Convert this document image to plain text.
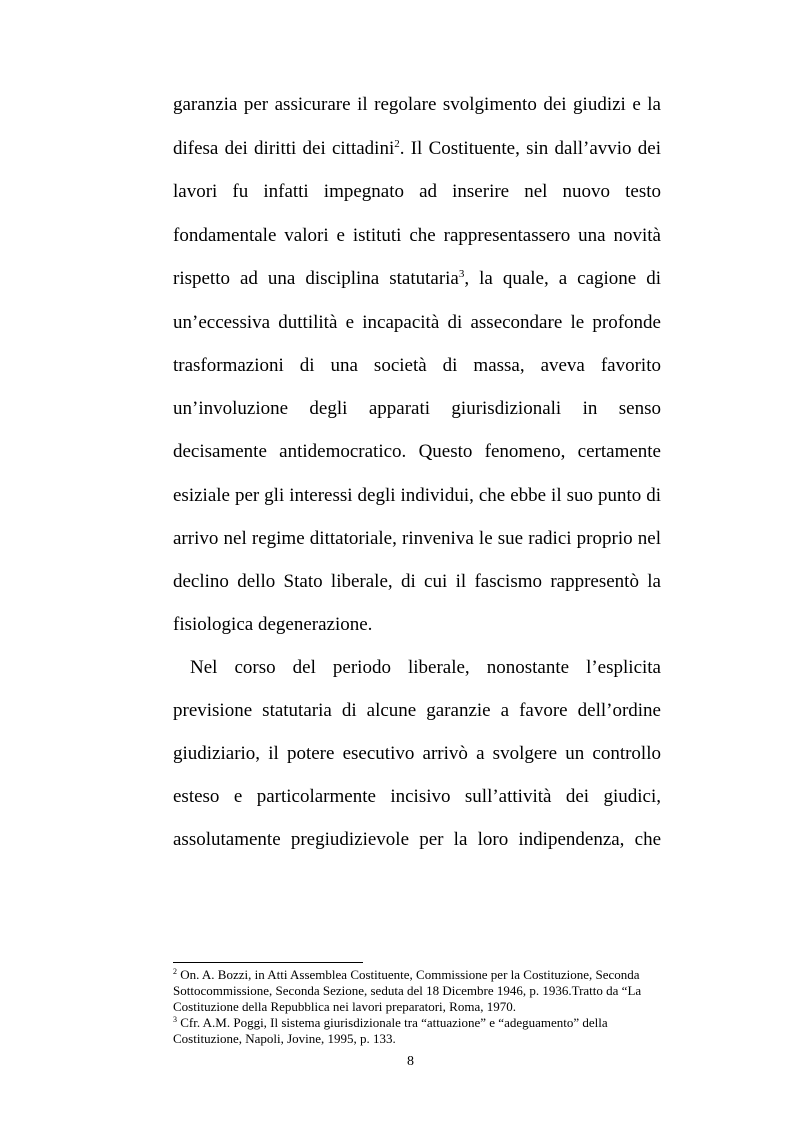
garanzia per assicurare il regolare svolgimento dei giudizi e la
difesa dei diritti dei cittadini$^2$. Il Costituente, sin dall’avvio dei
lavori fu infatti impegnato ad inserire nel nuovo testo
fondamentale valori e istituti che rappresentassero una novità
rispetto ad una disciplina statutaria$^3$, la quale, a cagione di
un’eccessiva duttilità e incapacità di assecondare le profonde
trasformazioni di una società di massa, aveva favorito
un’involuzione degli apparati giurisdizionali in senso
decisamente antidemocratico. Questo fenomeno, certamente
esiziale per gli interessi degli individui, che ebbe il suo punto di
arrivo nel regime dittatoriale, rinveniva le sue radici proprio nel
declino dello Stato liberale, di cui il fascismo rappresentò la
fisiologica degenerazione.
Nel corso del periodo liberale, nonostante l’esplicita
previsione statutaria di alcune garanzie a favore dell’ordine
giudiziario, il potere esecutivo arrivò a svolgere un controllo
esteso e particolarmente incisivo sull’attività dei giudici,
assolutamente pregiudizievole per la loro indipendenza, che
$^2$ On. A. Bozzi, in Atti Assemblea Costituente, Commissione per la Costituzione, Seconda
Sottocommissione, Seconda Sezione, seduta del 18 Dicembre 1946, p. 1936.Tratto da “La
Costituzione della Repubblica nei lavori preparatori, Roma, 1970.
$^3$ Cfr. A.M. Poggi, Il sistema giurisdizionale tra “attuazione” e “adeguamento” della
Costituzione, Napoli, Jovine, 1995, p. 133.
8
